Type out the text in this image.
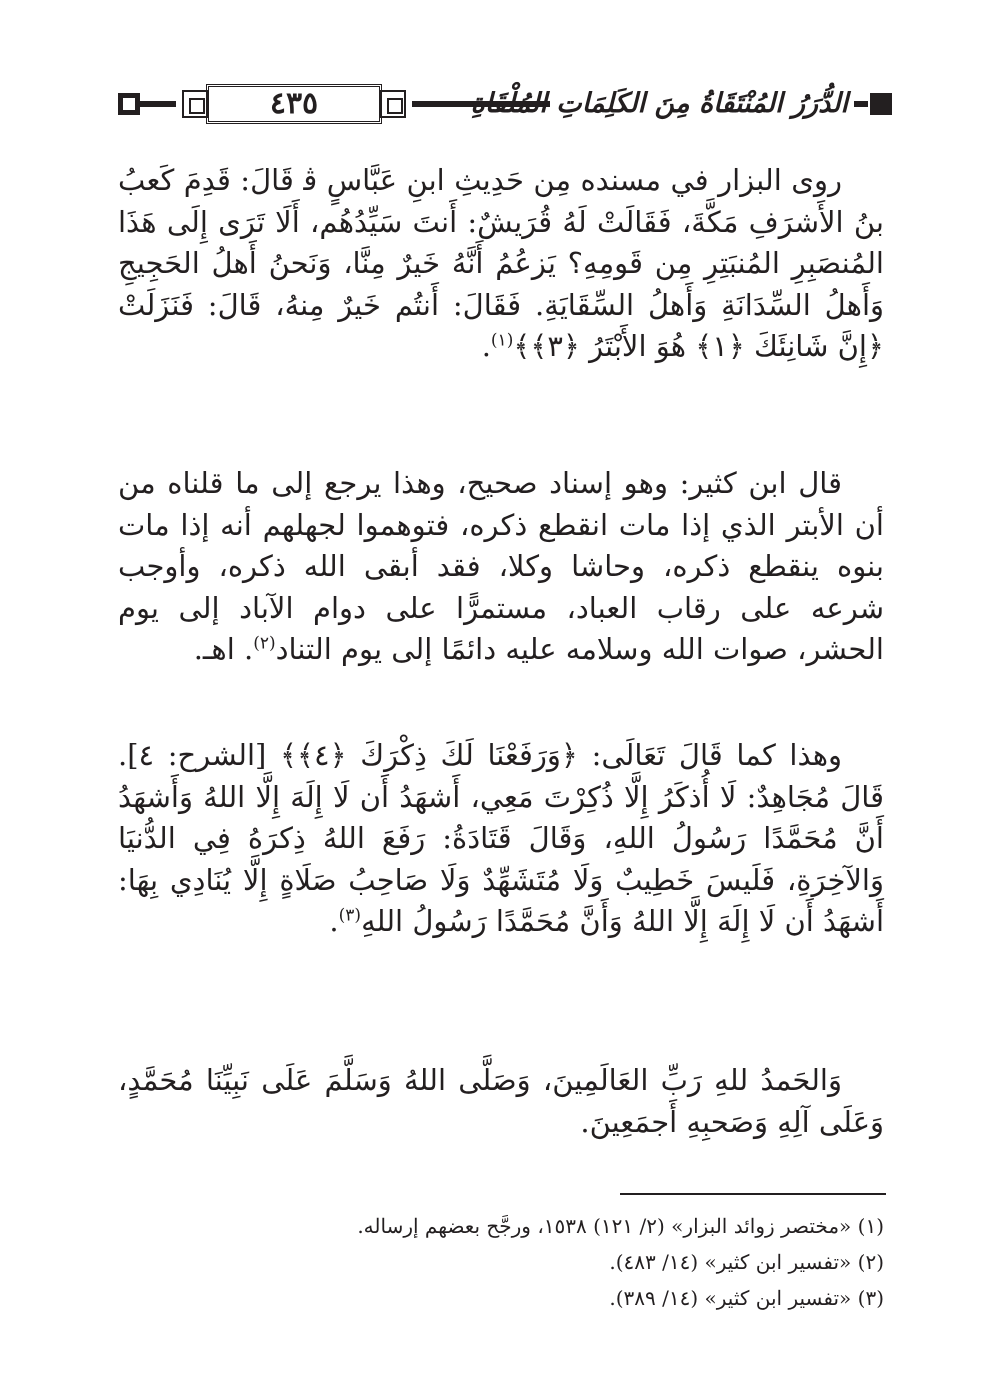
٤٣٥	الدُّرَرُ المُنْتَقَاةُ مِنَ الكَلِمَاتِ المُلْقَاةِ

روى البزار في مسنده مِن حَدِيثِ ابنِ عَبَّاسٍ ﭬ قَالَ: قَدِمَ كَعبُ بنُ الأَشرَفِ مَكَّةَ، فَقَالَتْ لَهُ قُرَيشٌ: أَنتَ سَيِّدُهُم، أَلَا تَرَى إِلَى هَذَا المُنصَبِرِ المُنبَتِرِ مِن قَومِهِ؟ يَزعُمُ أَنَّهُ خَيرٌ مِنَّا، وَنَحنُ أَهلُ الحَجِيجِ وَأَهلُ السِّدَانَةِ وَأَهلُ السِّقَايَةِ. فَقَالَ: أَنتُم خَيرٌ مِنهُ، قَالَ: فَنَزَلَتْ ﴿إِنَّ شَانِئَكَ ﴿١﴾ هُوَ الأَبْتَرُ ﴿٣﴾﴾$^{(١)}$.

قال ابن كثير: وهو إسناد صحيح، وهذا يرجع إلى ما قلناه من أن الأبتر الذي إذا مات انقطع ذكره، فتوهموا لجهلهم أنه إذا مات بنوه ينقطع ذكره، وحاشا وكلا، فقد أبقى الله ذكره، وأوجب شرعه على رقاب العباد، مستمرًّا على دوام الآباد إلى يوم الحشر، صوات الله وسلامه عليه دائمًا إلى يوم التناد$^{(٢)}$. اهـ.

وهذا كما قَالَ تَعَالَى: ﴿وَرَفَعْنَا لَكَ ذِكْرَكَ ﴿٤﴾﴾ [الشرح: ٤]. قَالَ مُجَاهِدٌ: لَا أُذكَرُ إِلَّا ذُكِرْتَ مَعِي، أَشهَدُ أَن لَا إِلَهَ إِلَّا اللهُ وَأَشهَدُ أَنَّ مُحَمَّدًا رَسُولُ اللهِ، وَقَالَ قَتَادَةُ: رَفَعَ اللهُ ذِكرَهُ فِي الدُّنيَا وَالآخِرَةِ، فَلَيسَ خَطِيبٌ وَلَا مُتَشَهِّدٌ وَلَا صَاحِبُ صَلَاةٍ إِلَّا يُنَادِي بِهَا: أَشهَدُ أَن لَا إِلَهَ إِلَّا اللهُ وَأَنَّ مُحَمَّدًا رَسُولُ اللهِ$^{(٣)}$.

وَالحَمدُ للهِ رَبِّ العَالَمِينَ، وَصَلَّى اللهُ وَسَلَّمَ عَلَى نَبِيِّنَا مُحَمَّدٍ، وَعَلَى آلِهِ وَصَحبِهِ أَجمَعِينَ.

(١) «مختصر زوائد البزار» (٢/ ١٢١) ١٥٣٨، ورجَّح بعضهم إرساله.

(٢) «تفسير ابن كثير» (١٤/ ٤٨٣).

(٣) «تفسير ابن كثير» (١٤/ ٣٨٩).
